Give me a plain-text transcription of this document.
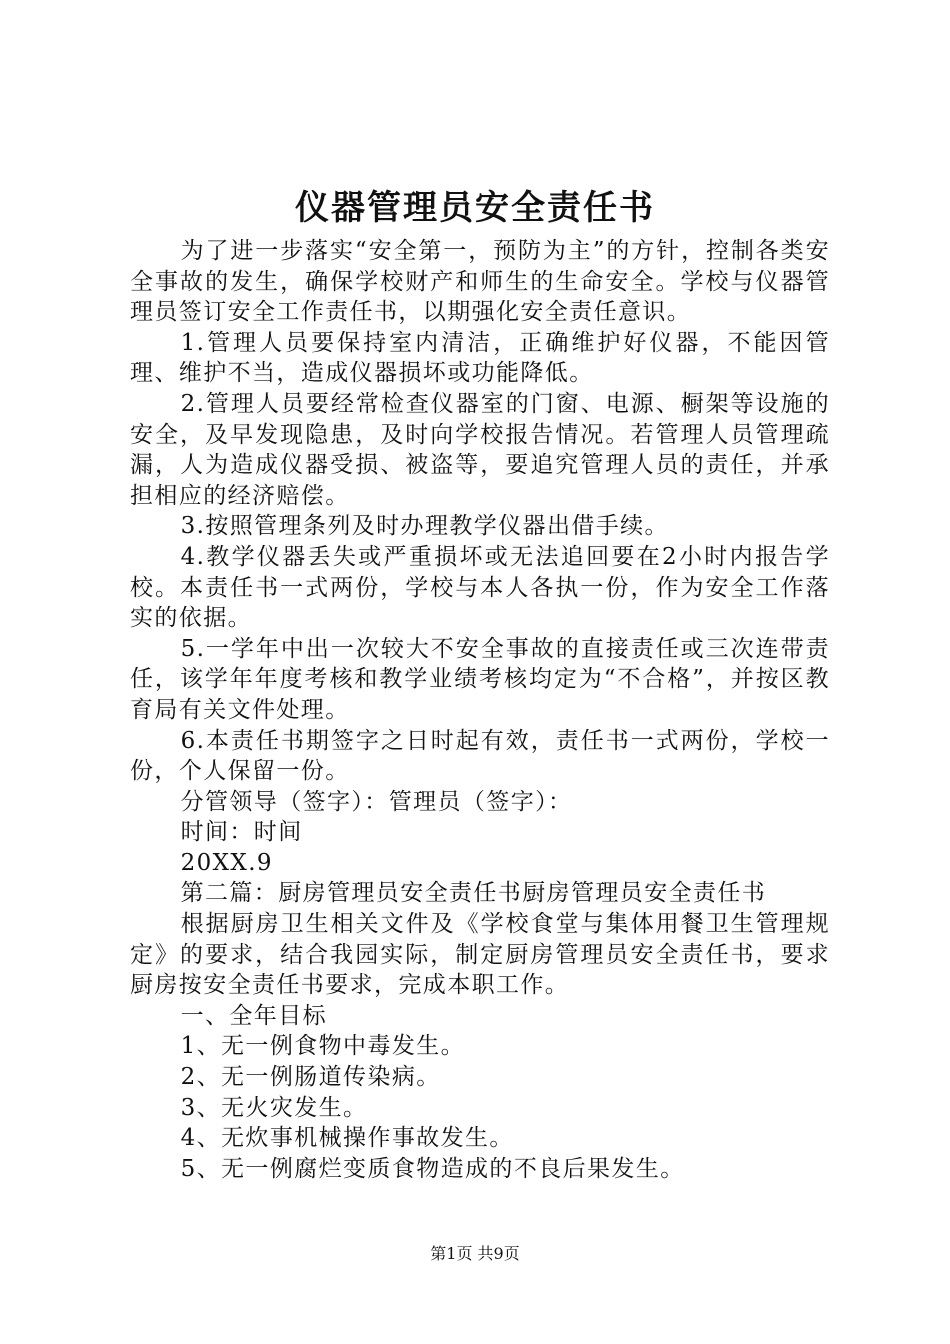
仪器管理员安全责任书

为了进一步落实“安全第一，预防为主”的方针，控制各类安全事故的发生，确保学校财产和师生的生命安全。学校与仪器管理员签订安全工作责任书，以期强化安全责任意识。

1.管理人员要保持室内清洁，正确维护好仪器，不能因管理、维护不当，造成仪器损坏或功能降低。

2.管理人员要经常检查仪器室的门窗、电源、橱架等设施的安全，及早发现隐患，及时向学校报告情况。若管理人员管理疏漏，人为造成仪器受损、被盗等，要追究管理人员的责任，并承担相应的经济赔偿。

3.按照管理条列及时办理教学仪器出借手续。

4.教学仪器丢失或严重损坏或无法追回要在2小时内报告学校。本责任书一式两份，学校与本人各执一份，作为安全工作落实的依据。

5.一学年中出一次较大不安全事故的直接责任或三次连带责任，该学年年度考核和教学业绩考核均定为“不合格”，并按区教育局有关文件处理。

6.本责任书期签字之日时起有效，责任书一式两份，学校一份，个人保留一份。

分管领导（签字）：管理员（签字）：

时间：时间

20XX.9

第二篇：厨房管理员安全责任书厨房管理员安全责任书

根据厨房卫生相关文件及《学校食堂与集体用餐卫生管理规定》的要求，结合我园实际，制定厨房管理员安全责任书，要求厨房按安全责任书要求，完成本职工作。

一、全年目标

1、无一例食物中毒发生。

2、无一例肠道传染病。

3、无火灾发生。

4、无炊事机械操作事故发生。

5、无一例腐烂变质食物造成的不良后果发生。

第1页 共9页
